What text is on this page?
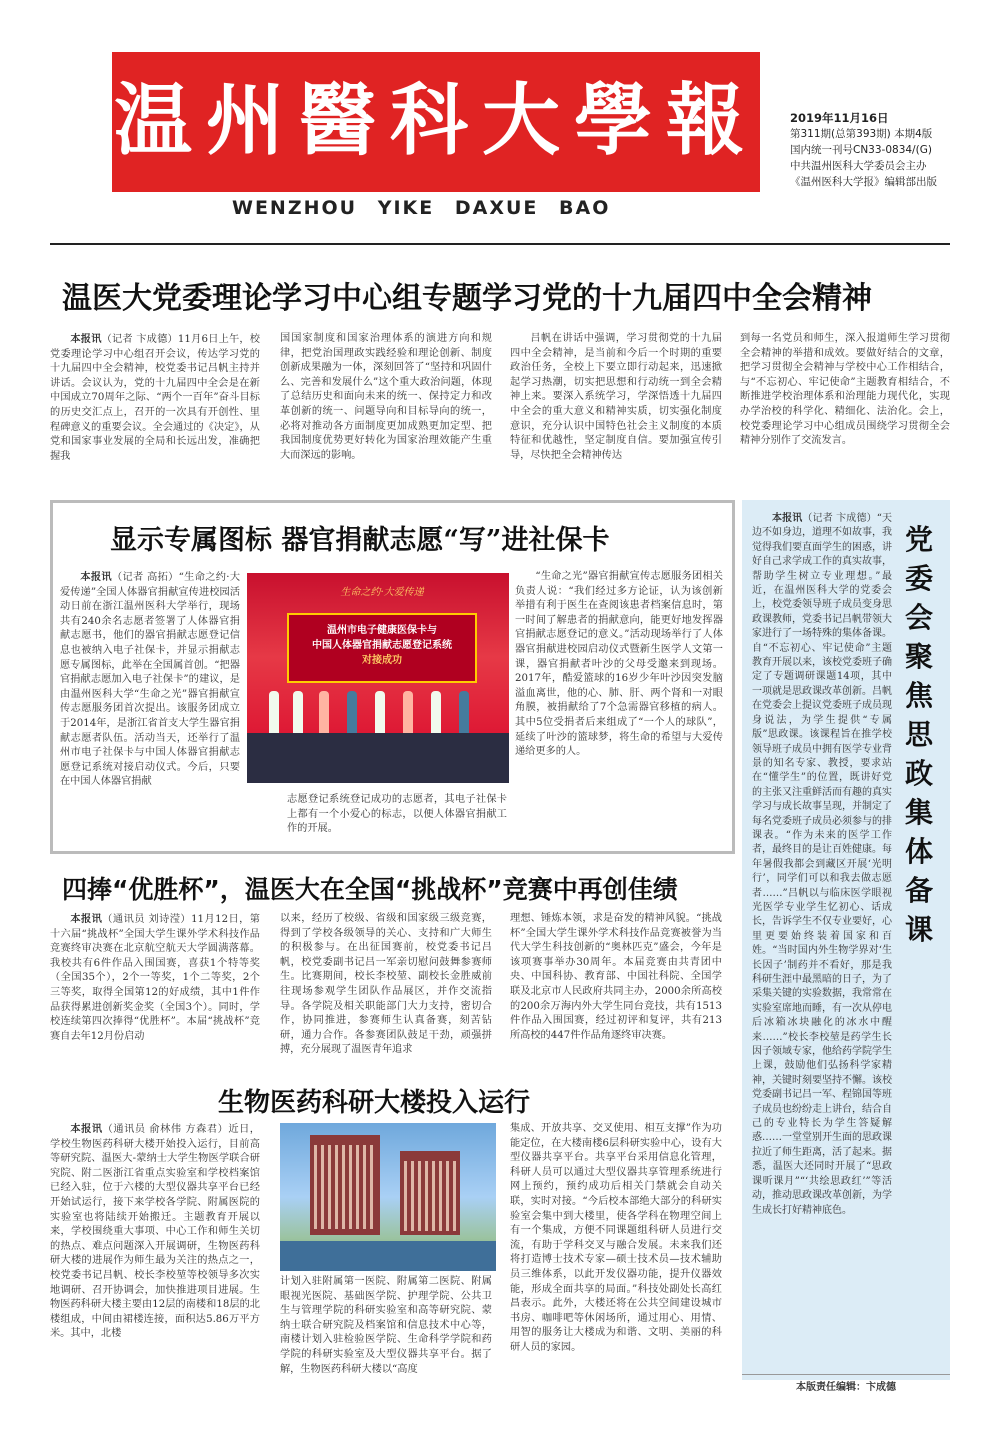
温州醫科大學報
WENZHOU YIKE DAXUE BAO
2019年11月16日
第311期(总第393期) 本期4版
国内统一刊号CN33-0834/(G)
中共温州医科大学委员会主办
《温州医科大学报》编辑部出版
温医大党委理论学习中心组专题学习党的十九届四中全会精神

本报讯（记者 卞成德）11月6日上午，校党委理论学习中心组召开会议，传达学习党的十九届四中全会精神，校党委书记吕帆主持并讲话。会议认为，党的十九届四中全会是在新中国成立70周年之际、“两个一百年”奋斗目标的历史交汇点上，召开的一次具有开创性、里程碑意义的重要会议。全会通过的《决定》，从党和国家事业发展的全局和长远出发，准确把握我

国国家制度和国家治理体系的演进方向和规律，把党治国理政实践经验和理论创新、制度创新成果融为一体，深刻回答了“坚持和巩固什么、完善和发展什么”这个重大政治问题，体现了总结历史和面向未来的统一、保持定力和改革创新的统一、问题导向和目标导向的统一，必将对推动各方面制度更加成熟更加定型、把我国制度优势更好转化为国家治理效能产生重大而深远的影响。

吕帆在讲话中强调，学习贯彻党的十九届四中全会精神，是当前和今后一个时期的重要政治任务，全校上下要立即行动起来，迅速掀起学习热潮，切实把思想和行动统一到全会精神上来。要深入系统学习，学深悟透十九届四中全会的重大意义和精神实质，切实强化制度意识，充分认识中国特色社会主义制度的本质特征和优越性，坚定制度自信。要加强宣传引导，尽快把全会精神传达

到每一名党员和师生，深入报道师生学习贯彻全会精神的举措和成效。要做好结合的文章，把学习贯彻全会精神与学校中心工作相结合，与“不忘初心、牢记使命”主题教育相结合，不断推进学校治理体系和治理能力现代化，实现办学治校的科学化、精细化、法治化。会上，校党委理论学习中心组成员围绕学习贯彻全会精神分别作了交流发言。

显示专属图标 器官捐献志愿“写”进社保卡

本报讯（记者 高拓）“生命之约·大爱传递”全国人体器官捐献宣传进校园活动日前在浙江温州医科大学举行，现场共有240余名志愿者签署了人体器官捐献志愿书，他们的器官捐献志愿登记信息也被纳入电子社保卡，并显示捐献志愿专属图标，此举在全国属首创。“把器官捐献志愿加入电子社保卡”的建议，是由温州医科大学“生命之光”器官捐献宣传志愿服务团首次提出。该服务团成立于2014年，是浙江省首支大学生器官捐献志愿者队伍。活动当天，还举行了温州市电子社保卡与中国人体器官捐献志愿登记系统对接启动仪式。今后，只要在中国人体器官捐献

生命之约·大爱传递
温州市电子健康医保卡与
中国人体器官捐献志愿登记系统
对接成功

志愿登记系统登记成功的志愿者，其电子社保卡上都有一个小爱心的标志，以便人体器官捐献工作的开展。

“生命之光”器官捐献宣传志愿服务团相关负责人说：“我们经过多方论证，认为该创新举措有利于医生在查阅该患者档案信息时，第一时间了解患者的捐献意向，能更好地发挥器官捐献志愿登记的意义。”活动现场举行了人体器官捐献进校园启动仪式暨新生医学人文第一课，器官捐献者叶沙的父母受邀来到现场。2017年，酷爱篮球的16岁少年叶沙因突发脑溢血离世，他的心、肺、肝、两个肾和一对眼角膜，被捐献给了7个急需器官移植的病人。其中5位受捐者后来组成了“一个人的球队”，延续了叶沙的篮球梦，将生命的希望与大爱传递给更多的人。

四捧“优胜杯”，温医大在全国“挑战杯”竞赛中再创佳绩

本报讯（通讯员 刘诗滢）11月12日，第十六届“挑战杯”全国大学生课外学术科技作品竞赛终审决赛在北京航空航天大学圆满落幕。我校共有6件作品入围国赛，喜获1个特等奖（全国35个），2个一等奖，1个二等奖，2个三等奖，取得全国第12的好成绩，其中1件作品获得累进创新奖金奖（全国3个）。同时，学校连续第四次捧得“优胜杯”。本届“挑战杯”竞赛自去年12月份启动

以来，经历了校级、省级和国家级三级竞赛，得到了学校各级领导的关心、支持和广大师生的积极参与。在出征国赛前，校党委书记吕帆，校党委副书记吕一军亲切慰问鼓舞参赛师生。比赛期间，校长李校堃、副校长金胜威前往现场参观学生团队作品展区，并作交流指导。各学院及相关职能部门大力支持，密切合作，协同推进，参赛师生认真备赛，刻苦钻研，通力合作。各参赛团队鼓足干劲，顽强拼搏，充分展现了温医青年追求

理想、锤炼本领，求是奋发的精神风貌。“挑战杯”全国大学生课外学术科技作品竞赛被誉为当代大学生科技创新的“奥林匹克”盛会，今年是该项赛事举办30周年。本届竞赛由共青团中央、中国科协、教育部、中国社科院、全国学联及北京市人民政府共同主办，2000余所高校的200余万海内外大学生同台竞技，共有1513件作品入围国赛，经过初评和复评，共有213所高校的447件作品角逐终审决赛。

生物医药科研大楼投入运行

本报讯（通讯员 俞林伟 方森君）近日，学校生物医药科研大楼开始投入运行，目前高等研究院、温医大-蒙纳士大学生物医学联合研究院、附二医浙江省重点实验室和学校档案馆已经入驻，位于六楼的大型仪器共享平台已经开始试运行，接下来学校各学院、附属医院的实验室也将陆续开始搬迁。主题教育开展以来，学校围绕重大事项、中心工作和师生关切的热点、难点问题深入开展调研，生物医药科研大楼的进展作为师生最为关注的热点之一，校党委书记吕帆、校长李校堃等校领导多次实地调研、召开协调会，加快推进项目进展。生物医药科研大楼主要由12层的南楼和18层的北楼组成，中间由裙楼连接，面积达5.86万平方米。其中，北楼

计划入驻附属第一医院、附属第二医院、附属眼视光医院、基础医学院、护理学院、公共卫生与管理学院的科研实验室和高等研究院、蒙纳士联合研究院及档案馆和信息技术中心等，南楼计划入驻检验医学院、生命科学学院和药学院的科研实验室及大型仪器共享平台。据了解，生物医药科研大楼以“高度

集成、开放共享、交叉使用、相互支撑”作为功能定位，在大楼南楼6层科研实验中心，设有大型仪器共享平台。共享平台采用信息化管理，科研人员可以通过大型仪器共享管理系统进行网上预约，预约成功后相关门禁就会自动关联，实时对接。“今后校本部绝大部分的科研实验室会集中到大楼里，使各学科在物理空间上有一个集成，方便不同课题组科研人员进行交流，有助于学科交叉与融合发展。未来我们还将打造博士技术专家—硕士技术员—技术辅助员三维体系，以此开发仪器功能，提升仪器效能，形成全面共享的局面。”科技处副处长高红昌表示。此外，大楼还将在公共空间建设城市书房、咖啡吧等休闲场所，通过用心、用情、用智的服务让大楼成为和谐、文明、美丽的科研人员的家园。

党委会聚焦思政集体备课

本报讯（记者 卞成德）“天边不如身边，道理不如故事，我觉得我们要直面学生的困惑，讲好自己求学成工作的真实故事，帮助学生树立专业理想。”最近，在温州医科大学的党委会上，校党委领导班子成员变身思政课教师，党委书记吕帆带领大家进行了一场特殊的集体备课。自“不忘初心、牢记使命”主题教育开展以来，该校党委班子确定了专题调研课题14项，其中一项就是思政课改革创新。吕帆在党委会上提议党委班子成员现身说法，为学生提供“专属版”思政课。该课程旨在推学校领导班子成员中拥有医学专业背景的知名专家、教授，要求站在“懂学生”的位置，既讲好党的主张又注重鲜活而有趣的真实学习与成长故事呈现，并制定了每名党委班子成员必须参与的排课表。“作为未来的医学工作者，最终目的是让百姓健康。每年暑假我都会到藏区开展‘光明行’，同学们可以和我去做志愿者……”吕帆以与临床医学眼视光医学专业学生忆初心、话成长，告诉学生不仅专业要好，心里更要始终装着国家和百姓。“当时国内外生物学界对‘生长因子’制药并不看好，那是我科研生涯中最黑暗的日子，为了采集关键的实验数据，我常常在实验室席地而睡，有一次从停电后冰箱冰块融化的冰水中醒来……”校长李校堃是药学生长因子领域专家，他给药学院学生上课，鼓励他们弘扬科学家精神，关键时刻要坚持不懈。该校党委副书记吕一军、程锦国等班子成员也纷纷走上讲台，结合自己的专业特长为学生答疑解惑……一堂堂别开生面的思政课拉近了师生距离，活了起来。据悉，温医大还同时开展了“思政课听课月”“‘共绘思政红’”等活动，推动思政课改革创新，为学生成长打好精神底色。

本版责任编辑：卞成德
